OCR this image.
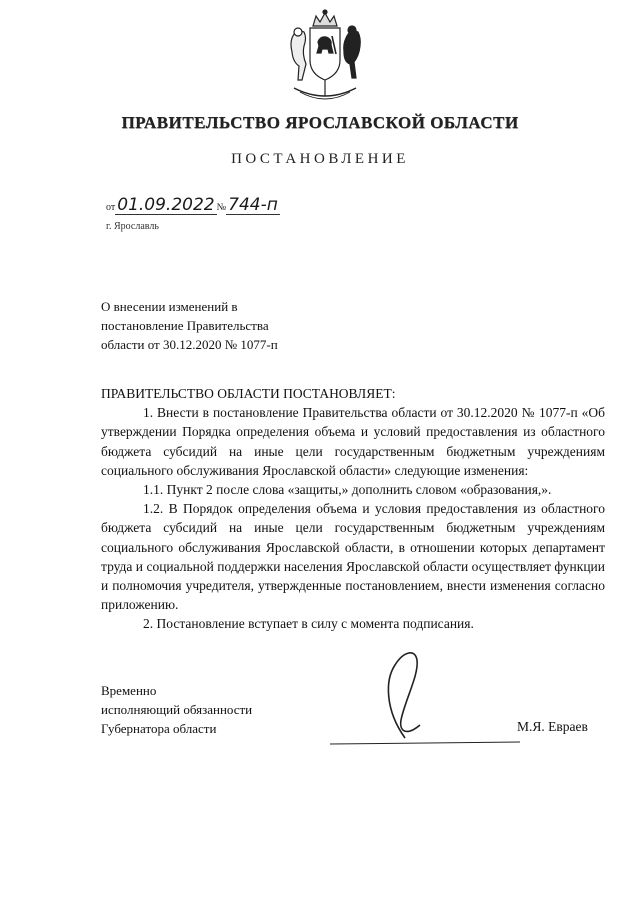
ПРАВИТЕЛЬСТВО ЯРОСЛАВСКОЙ ОБЛАСТИ
ПОСТАНОВЛЕНИЕ
от 01.09.2022 № 744-п
г. Ярославль
О внесении изменений в
постановление Правительства
области от 30.12.2020 № 1077-п

ПРАВИТЕЛЬСТВО ОБЛАСТИ ПОСТАНОВЛЯЕТ:

1. Внести в постановление Правительства области от 30.12.2020 № 1077-п «Об утверждении Порядка определения объема и условий предоставления из областного бюджета субсидий на иные цели государственным бюджетным учреждениям социального обслуживания Ярославской области» следующие изменения:

1.1. Пункт 2 после слова «защиты,» дополнить словом «образования,».

1.2. В Порядок определения объема и условия предоставления из областного бюджета субсидий на иные цели государственным бюджетным учреждениям социального обслуживания Ярославской области, в отношении которых департамент труда и социальной поддержки населения Ярославской области осуществляет функции и полномочия учредителя, утвержденные постановлением, внести изменения согласно приложению.

2. Постановление вступает в силу с момента подписания.

Временно
исполняющий обязанности
Губернатора области	М.Я. Евраев
